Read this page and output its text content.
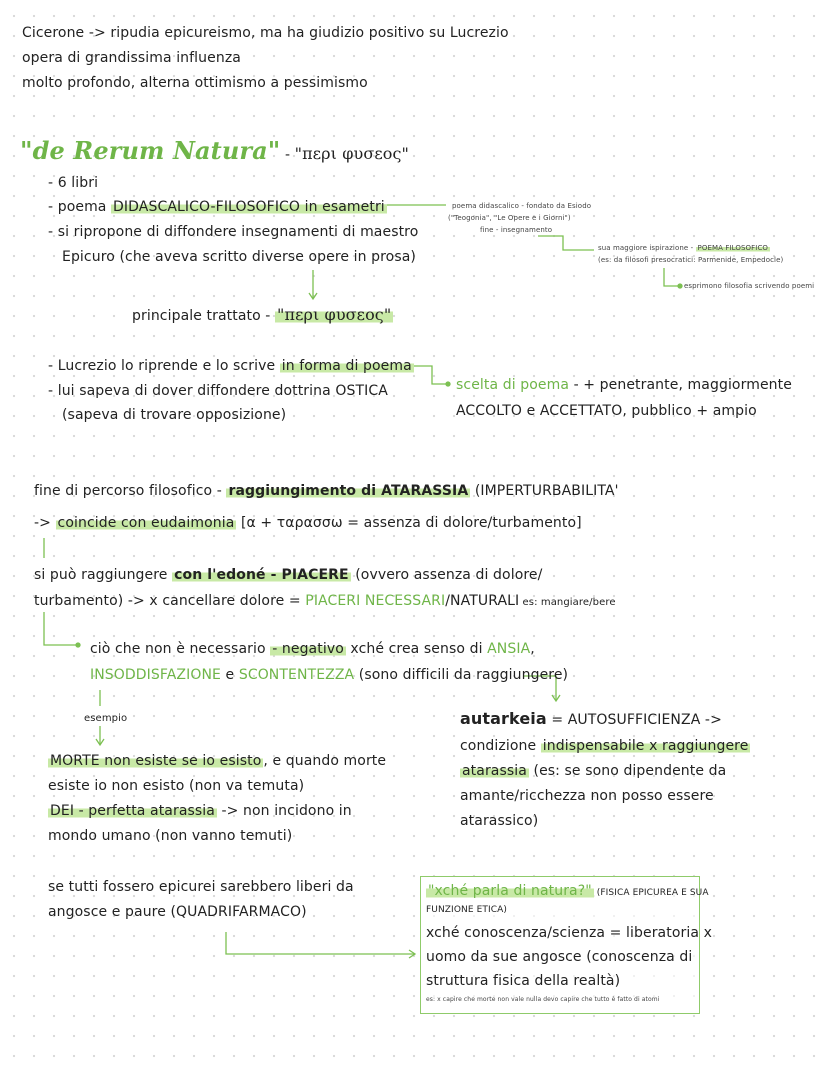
Cicerone -> ripudia epicureismo, ma ha giudizio positivo su Lucrezio
opera di grandissima influenza
molto profondo, alterna ottimismo a pessimismo
"de Rerum Natura" - "περι φυσεος"
- 6 libri
- poema DIDASCALICO-FILOSOFICO in esametri
- si ripropone di diffondere insegnamenti di maestro
Epicuro (che aveva scritto diverse opere in prosa)
poema didascalico - fondato da Esiodo
("Teogonia", "Le Opere e i Giorni")
fine - insegnamento
sua maggiore ispirazione - POEMA FILOSOFICO
(es: da filosofi presocratici: Parmenide, Empedocle)
esprimono filosofia scrivendo poemi
principale trattato - "περι φυσεος"
- Lucrezio lo riprende e lo scrive in forma di poema
- lui sapeva di dover diffondere dottrina OSTICA
(sapeva di trovare opposizione)
scelta di poema - + penetrante, maggiormente
ACCOLTO e ACCETTATO, pubblico + ampio
fine di percorso filosofico - raggiungimento di ATARASSIA (IMPERTURBABILITA'
-> coincide con eudaimonia [α + ταρασσω = assenza di dolore/turbamento]
si può raggiungere con l'edoné - PIACERE (ovvero assenza di dolore/
turbamento) -> x cancellare dolore = PIACERI NECESSARI/NATURALI es: mangiare/bere
ciò che non è necessario - negativo xché crea senso di ANSIA,
INSODDISFAZIONE e SCONTENTEZZA (sono difficili da raggiungere)
esempio
MORTE non esiste se io esisto , e quando morte
esiste io non esisto (non va temuta)
DEI - perfetta atarassia -> non incidono in
mondo umano (non vanno temuti)
autarkeia = AUTOSUFFICIENZA ->
condizione indispensabile x raggiungere
atarassia (es: se sono dipendente da
amante/ricchezza non posso essere
atarassico)
se tutti fossero epicurei sarebbero liberi da
angosce e paure (QUADRIFARMACO)
"xché parla di natura?" (FISICA EPICUREA E SUA
FUNZIONE ETICA)
xché conoscenza/scienza = liberatoria x
uomo da sue angosce (conoscenza di
struttura fisica della realtà)
es: x capire che morte non vale nulla devo capire che tutto è fatto di atomi
